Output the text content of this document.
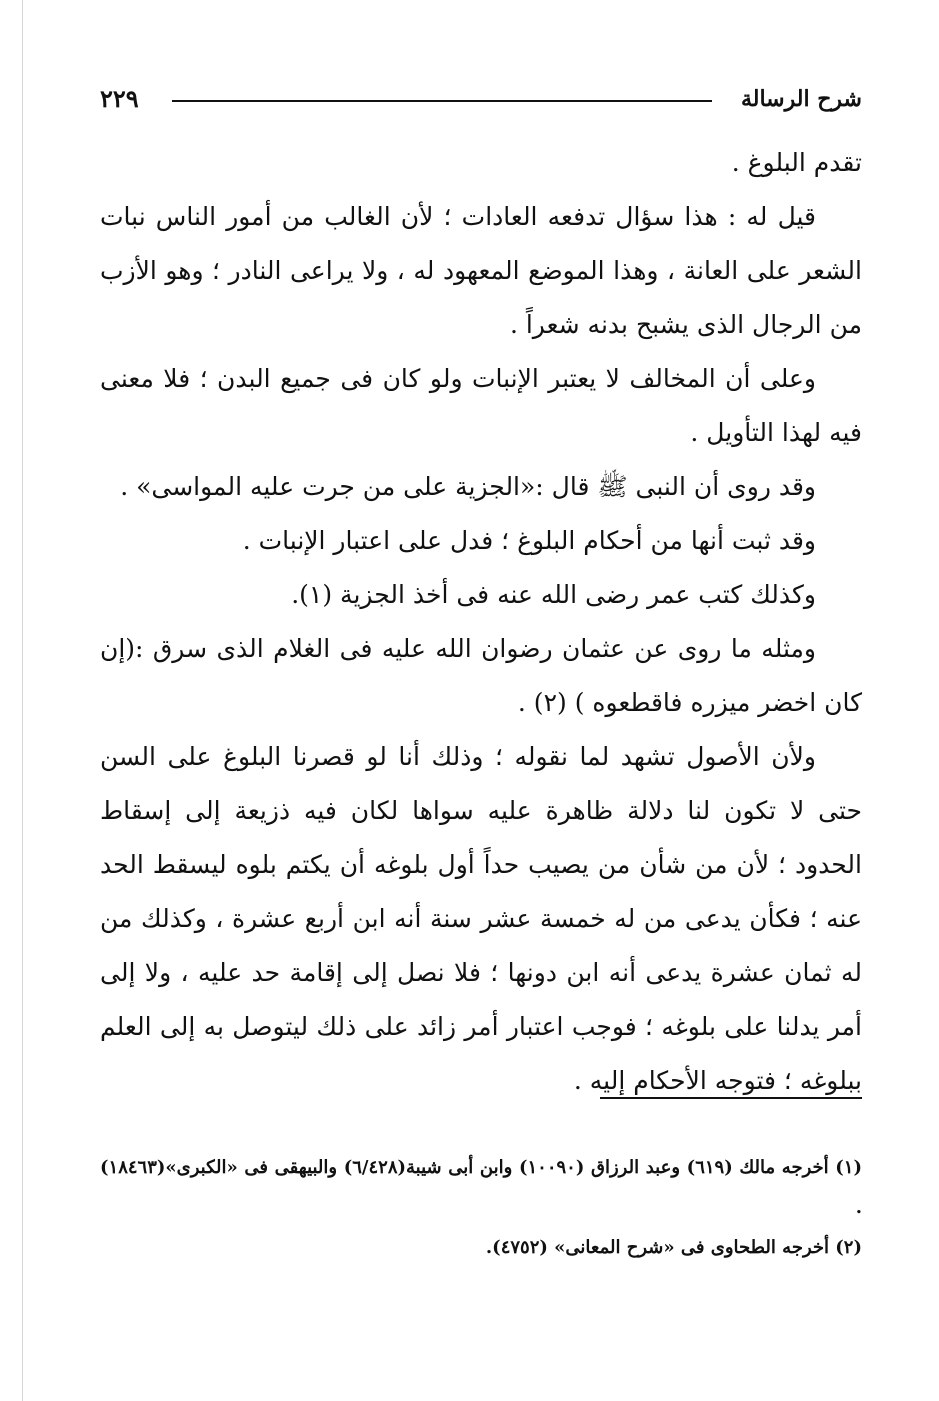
شرح الرسالة
٢٢٩

تقدم البلوغ .

قيل له : هذا سؤال تدفعه العادات ؛ لأن الغالب من أمور الناس نبات الشعر على العانة ، وهذا الموضع المعهود له ، ولا يراعى النادر ؛ وهو الأزب من الرجال الذى يشبح بدنه شعراً .

وعلى أن المخالف لا يعتبر الإنبات ولو كان فى جميع البدن ؛ فلا معنى فيه لهذا التأويل .

وقد روى أن النبى ﷺ قال :«الجزية على من جرت عليه المواسى» .

وقد ثبت أنها من أحكام البلوغ ؛ فدل على اعتبار الإنبات .

وكذلك كتب عمر رضى الله عنه فى أخذ الجزية (١).

ومثله ما روى عن عثمان رضوان الله عليه فى الغلام الذى سرق :(إن كان اخضر ميزره فاقطعوه ) (٢) .

ولأن الأصول تشهد لما نقوله ؛ وذلك أنا لو قصرنا البلوغ على السن حتى لا تكون لنا دلالة ظاهرة عليه سواها لكان فيه ذزيعة إلى إسقاط الحدود ؛ لأن من شأن من يصيب حداً أول بلوغه أن يكتم بلوه ليسقط الحد عنه ؛ فكأن يدعى من له خمسة عشر سنة أنه ابن أربع عشرة ، وكذلك من له ثمان عشرة يدعى أنه ابن دونها ؛ فلا نصل إلى إقامة حد عليه ، ولا إلى أمر يدلنا على بلوغه ؛ فوجب اعتبار أمر زائد على ذلك ليتوصل به إلى العلم ببلوغه ؛ فتوجه الأحكام إليه .

(١) أخرجه مالك (٦١٩) وعبد الرزاق (١٠٠٩٠) وابن أبى شيبة(٦/٤٢٨) والبيهقى فى «الكبرى»(١٨٤٦٣) .

(٢) أخرجه الطحاوى فى «شرح المعانى» (٤٧٥٢).
